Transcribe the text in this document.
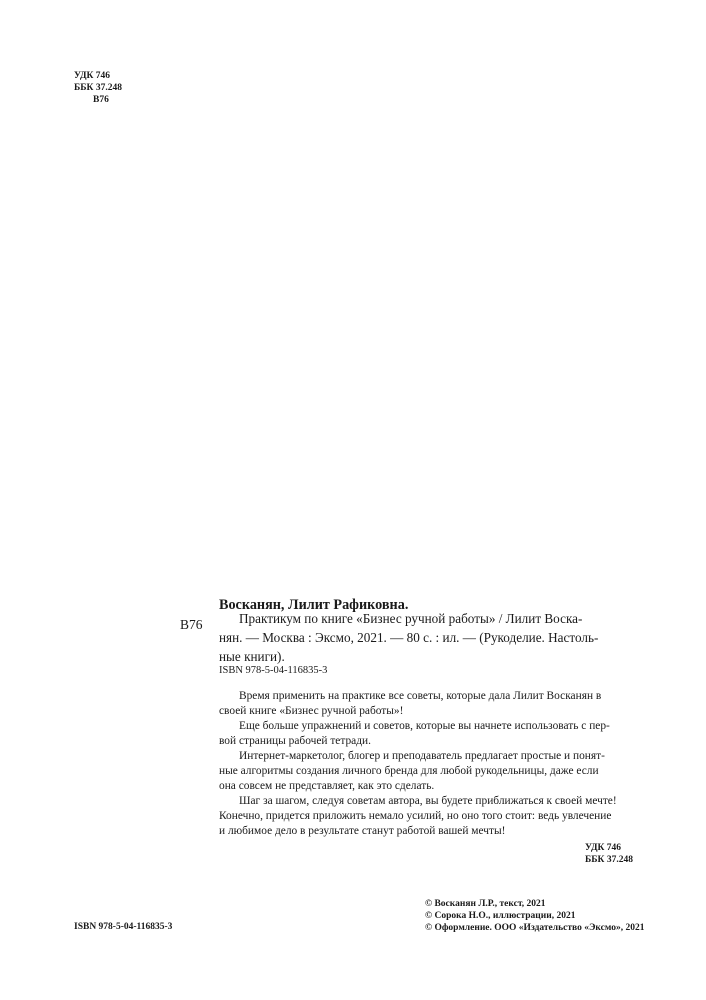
УДК 746
ББК 37.248
В76
Восканян, Лилит Рафиковна.
В76	Практикум по книге «Бизнес ручной работы» / Лилит Воска-

нян. — Москва : Эксмо, 2021. — 80 с. : ил. — (Рукоделие. Настоль-
ные книги).
ISBN 978-5-04-116835-3

Время применить на практике все советы, которые дала Лилит Восканян в

своей книге «Бизнес ручной работы»!

Еще больше упражнений и советов, которые вы начнете использовать с пер-

вой страницы рабочей тетради.

Интернет-маркетолог, блогер и преподаватель предлагает простые и понят-

ные алгоритмы создания личного бренда для любой рукодельницы, даже если
она совсем не представляет, как это сделать.

Шаг за шагом, следуя советам автора, вы будете приближаться к своей мечте!

Конечно, придется приложить немало усилий, но оно того стоит: ведь увлечение
и любимое дело в результате станут работой вашей мечты!
УДК 746
ББК 37.248
© Восканян Л.Р., текст, 2021
© Сорока Н.О., иллюстрации, 2021
© Оформление. ООО «Издательство «Эксмо», 2021
ISBN 978-5-04-116835-3
